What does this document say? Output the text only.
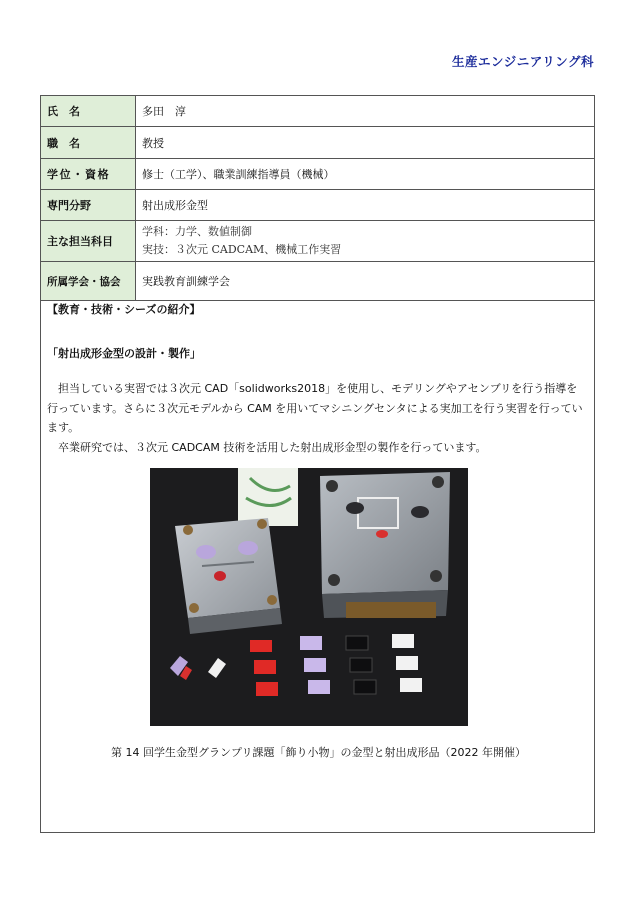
生産エンジニアリング科
氏　名	多田　淳
職　名	教授
学位・資格	修士（工学）、職業訓練指導員（機械）
専門分野	射出成形金型
主な担当科目	学科：力学、数値制御
実技：３次元 CADCAM、機械工作実習

所属学会・協会	実践教育訓練学会
【教育・技術・シーズの紹介】
「射出成形金型の設計・製作」
担当している実習では３次元 CAD「solidworks2018」を使用し、モデリングやアセンブリを行う指導を行っています。さらに３次元モデルから CAM を用いてマシニングセンタによる実加工を行う実習を行っています。
卒業研究では、３次元 CADCAM 技術を活用した射出成形金型の製作を行っています。
第 14 回学生金型グランプリ課題「飾り小物」の金型と射出成形品（2022 年開催）
